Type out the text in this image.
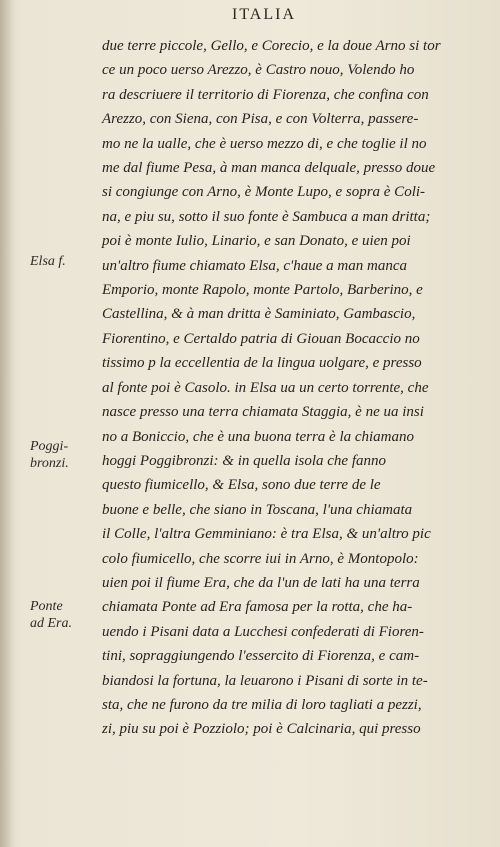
ITALIA
Elsa f.
Poggi-
bronzi.
Ponte
ad Era.
due terre piccole, Gello, e Corecio, e la doue Arno si tor
ce un poco uerso Arezzo, è Castro nouo, Volendo ho
ra descriuere il territorio di Fiorenza, che confina con
Arezzo, con Siena, con Pisa, e con Volterra, passere-
mo ne la ualle, che è uerso mezzo di, e che toglie il no
me dal fiume Pesa, à man manca delquale, presso doue
si congiunge con Arno, è Monte Lupo, e sopra è Coli-
na, e piu su, sotto il suo fonte è Sambuca a man dritta;
poi è monte Iulio, Linario, e san Donato, e uien poi
un'altro fiume chiamato Elsa, c'haue a man manca
Emporio, monte Rapolo, monte Partolo, Barberino, e
Castellina, & à man dritta è Saminiato, Gambascio,
Fiorentino, e Certaldo patria di Giouan Bocaccio no
tissimo p la eccellentia de la lingua uolgare, e presso
al fonte poi è Casolo. in Elsa ua un certo torrente, che
nasce presso una terra chiamata Staggia, è ne ua insi
no a Boniccio, che è una buona terra è la chiamano
hoggi Poggibronzi: & in quella isola che fanno
questo fiumicello, & Elsa, sono due terre de le
buone e belle, che siano in Toscana, l'una chiamata
il Colle, l'altra Gemminiano: è tra Elsa, & un'altro pic
colo fiumicello, che scorre iui in Arno, è Montopolo:
uien poi il fiume Era, che da l'un de lati ha una terra
chiamata Ponte ad Era famosa per la rotta, che ha-
uendo i Pisani data a Lucchesi confederati di Fioren-
tini, sopraggiungendo l'essercito di Fiorenza, e cam-
biandosi la fortuna, la leuarono i Pisani di sorte in te-
sta, che ne furono da tre milia di loro tagliati a pezzi,
zi, piu su poi è Pozziolo; poi è Calcinaria, qui presso
